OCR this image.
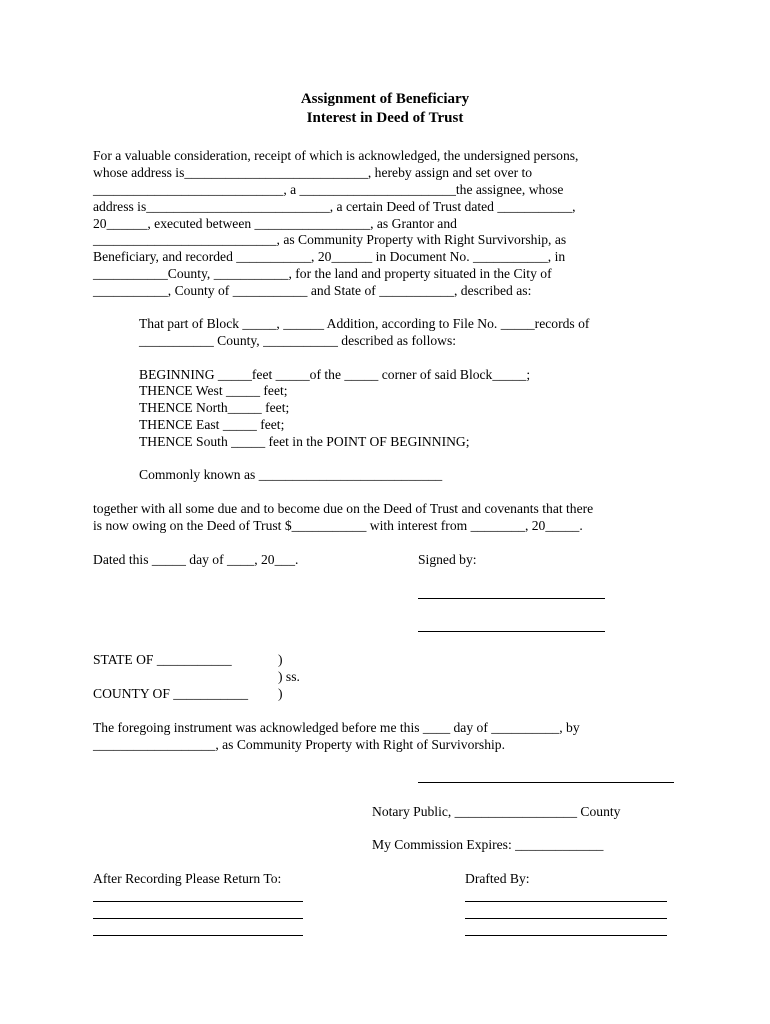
Assignment of Beneficiary
Interest in Deed of Trust
For a valuable consideration, receipt of which is acknowledged, the undersigned persons,
whose address is___________________________, hereby assign and set over to
____________________________, a _______________________the assignee, whose
address is___________________________, a certain Deed of Trust dated ___________,
20______, executed between _________________, as Grantor and
___________________________, as Community Property with Right Survivorship, as
Beneficiary, and recorded ___________, 20______ in Document No. ___________, in
___________County, ___________, for the land and property situated in the City of
___________, County of ___________ and State of ___________, described as:
That part of Block _____, ______ Addition, according to File No. _____records of
___________ County, ___________ described as follows:
BEGINNING _____feet _____of the _____ corner of said Block_____;
THENCE West _____ feet;
THENCE North_____ feet;
THENCE East _____ feet;
THENCE South _____ feet in the POINT OF BEGINNING;
Commonly known as ___________________________
together with all some due and to become due on the Deed of Trust and covenants that there
is now owing on the Deed of Trust $___________ with interest from ________, 20_____.
Dated this _____ day of ____, 20___.	Signed by:
STATE OF ___________	)
) ss.
COUNTY OF ___________ )
The foregoing instrument was acknowledged before me this ____ day of __________, by
__________________, as Community Property with Right of Survivorship.
Notary Public, __________________ County
My Commission Expires: _____________
After Recording Please Return To:	Drafted By:
